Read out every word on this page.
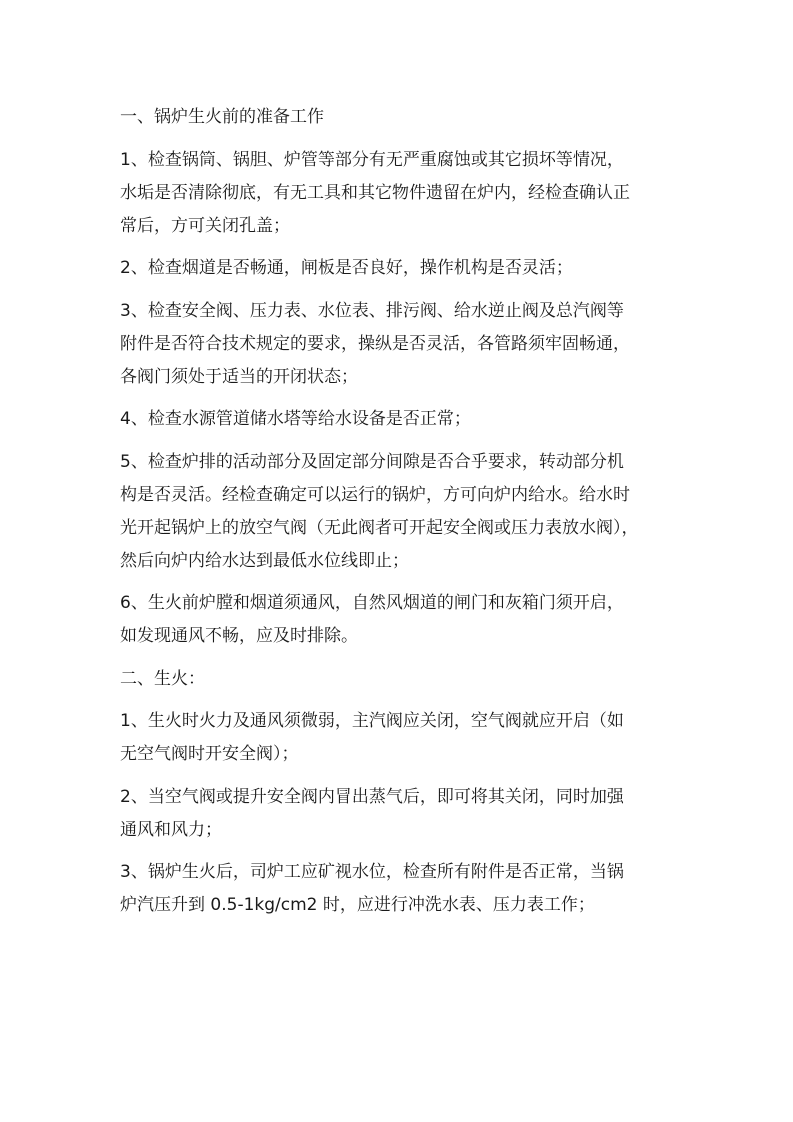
一、锅炉生火前的准备工作
1、检查锅筒、锅胆、炉管等部分有无严重腐蚀或其它损坏等情况，
水垢是否清除彻底，有无工具和其它物件遗留在炉内，经检查确认正
常后，方可关闭孔盖；
2、检查烟道是否畅通，闸板是否良好，操作机构是否灵活；
3、检查安全阀、压力表、水位表、排污阀、给水逆止阀及总汽阀等
附件是否符合技术规定的要求，操纵是否灵活，各管路须牢固畅通，
各阀门须处于适当的开闭状态；
4、检查水源管道储水塔等给水设备是否正常；
5、检查炉排的活动部分及固定部分间隙是否合乎要求，转动部分机
构是否灵活。经检查确定可以运行的锅炉，方可向炉内给水。给水时
光开起锅炉上的放空气阀（无此阀者可开起安全阀或压力表放水阀），
然后向炉内给水达到最低水位线即止；
6、生火前炉膛和烟道须通风，自然风烟道的闸门和灰箱门须开启，
如发现通风不畅，应及时排除。
二、生火：
1、生火时火力及通风须微弱，主汽阀应关闭，空气阀就应开启（如
无空气阀时开安全阀）；
2、当空气阀或提升安全阀内冒出蒸气后，即可将其关闭，同时加强
通风和风力；
3、锅炉生火后，司炉工应矿视水位，检查所有附件是否正常，当锅
炉汽压升到 0.5-1kg/cm2 时，应进行冲洗水表、压力表工作；
